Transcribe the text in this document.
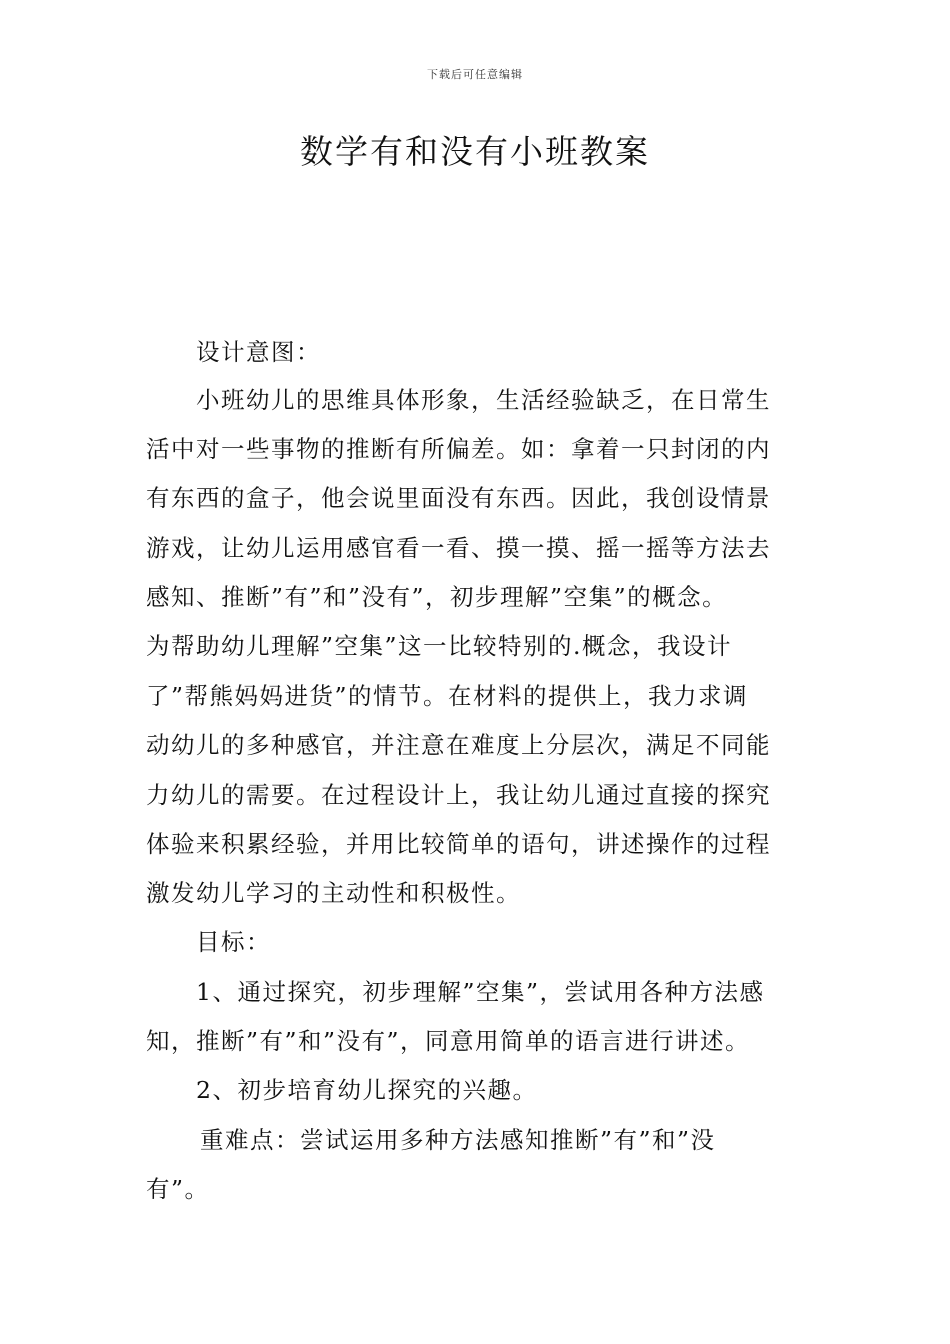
下载后可任意编辑
数学有和没有小班教案
设计意图：
小班幼儿的思维具体形象，生活经验缺乏，在日常生
活中对一些事物的推断有所偏差。如：拿着一只封闭的内
有东西的盒子，他会说里面没有东西。因此，我创设情景
游戏，让幼儿运用感官看一看、摸一摸、摇一摇等方法去
感知、推断”有”和”没有”，初步理解”空集”的概念。
为帮助幼儿理解”空集”这一比较特别的.概念，我设计
了”帮熊妈妈进货”的情节。在材料的提供上，我力求调
动幼儿的多种感官，并注意在难度上分层次，满足不同能
力幼儿的需要。在过程设计上，我让幼儿通过直接的探究
体验来积累经验，并用比较简单的语句，讲述操作的过程
激发幼儿学习的主动性和积极性。
目标：
1、通过探究，初步理解”空集”，尝试用各种方法感
知，推断”有”和”没有”，同意用简单的语言进行讲述。
2、初步培育幼儿探究的兴趣。
重难点：尝试运用多种方法感知推断”有”和”没
有”。
